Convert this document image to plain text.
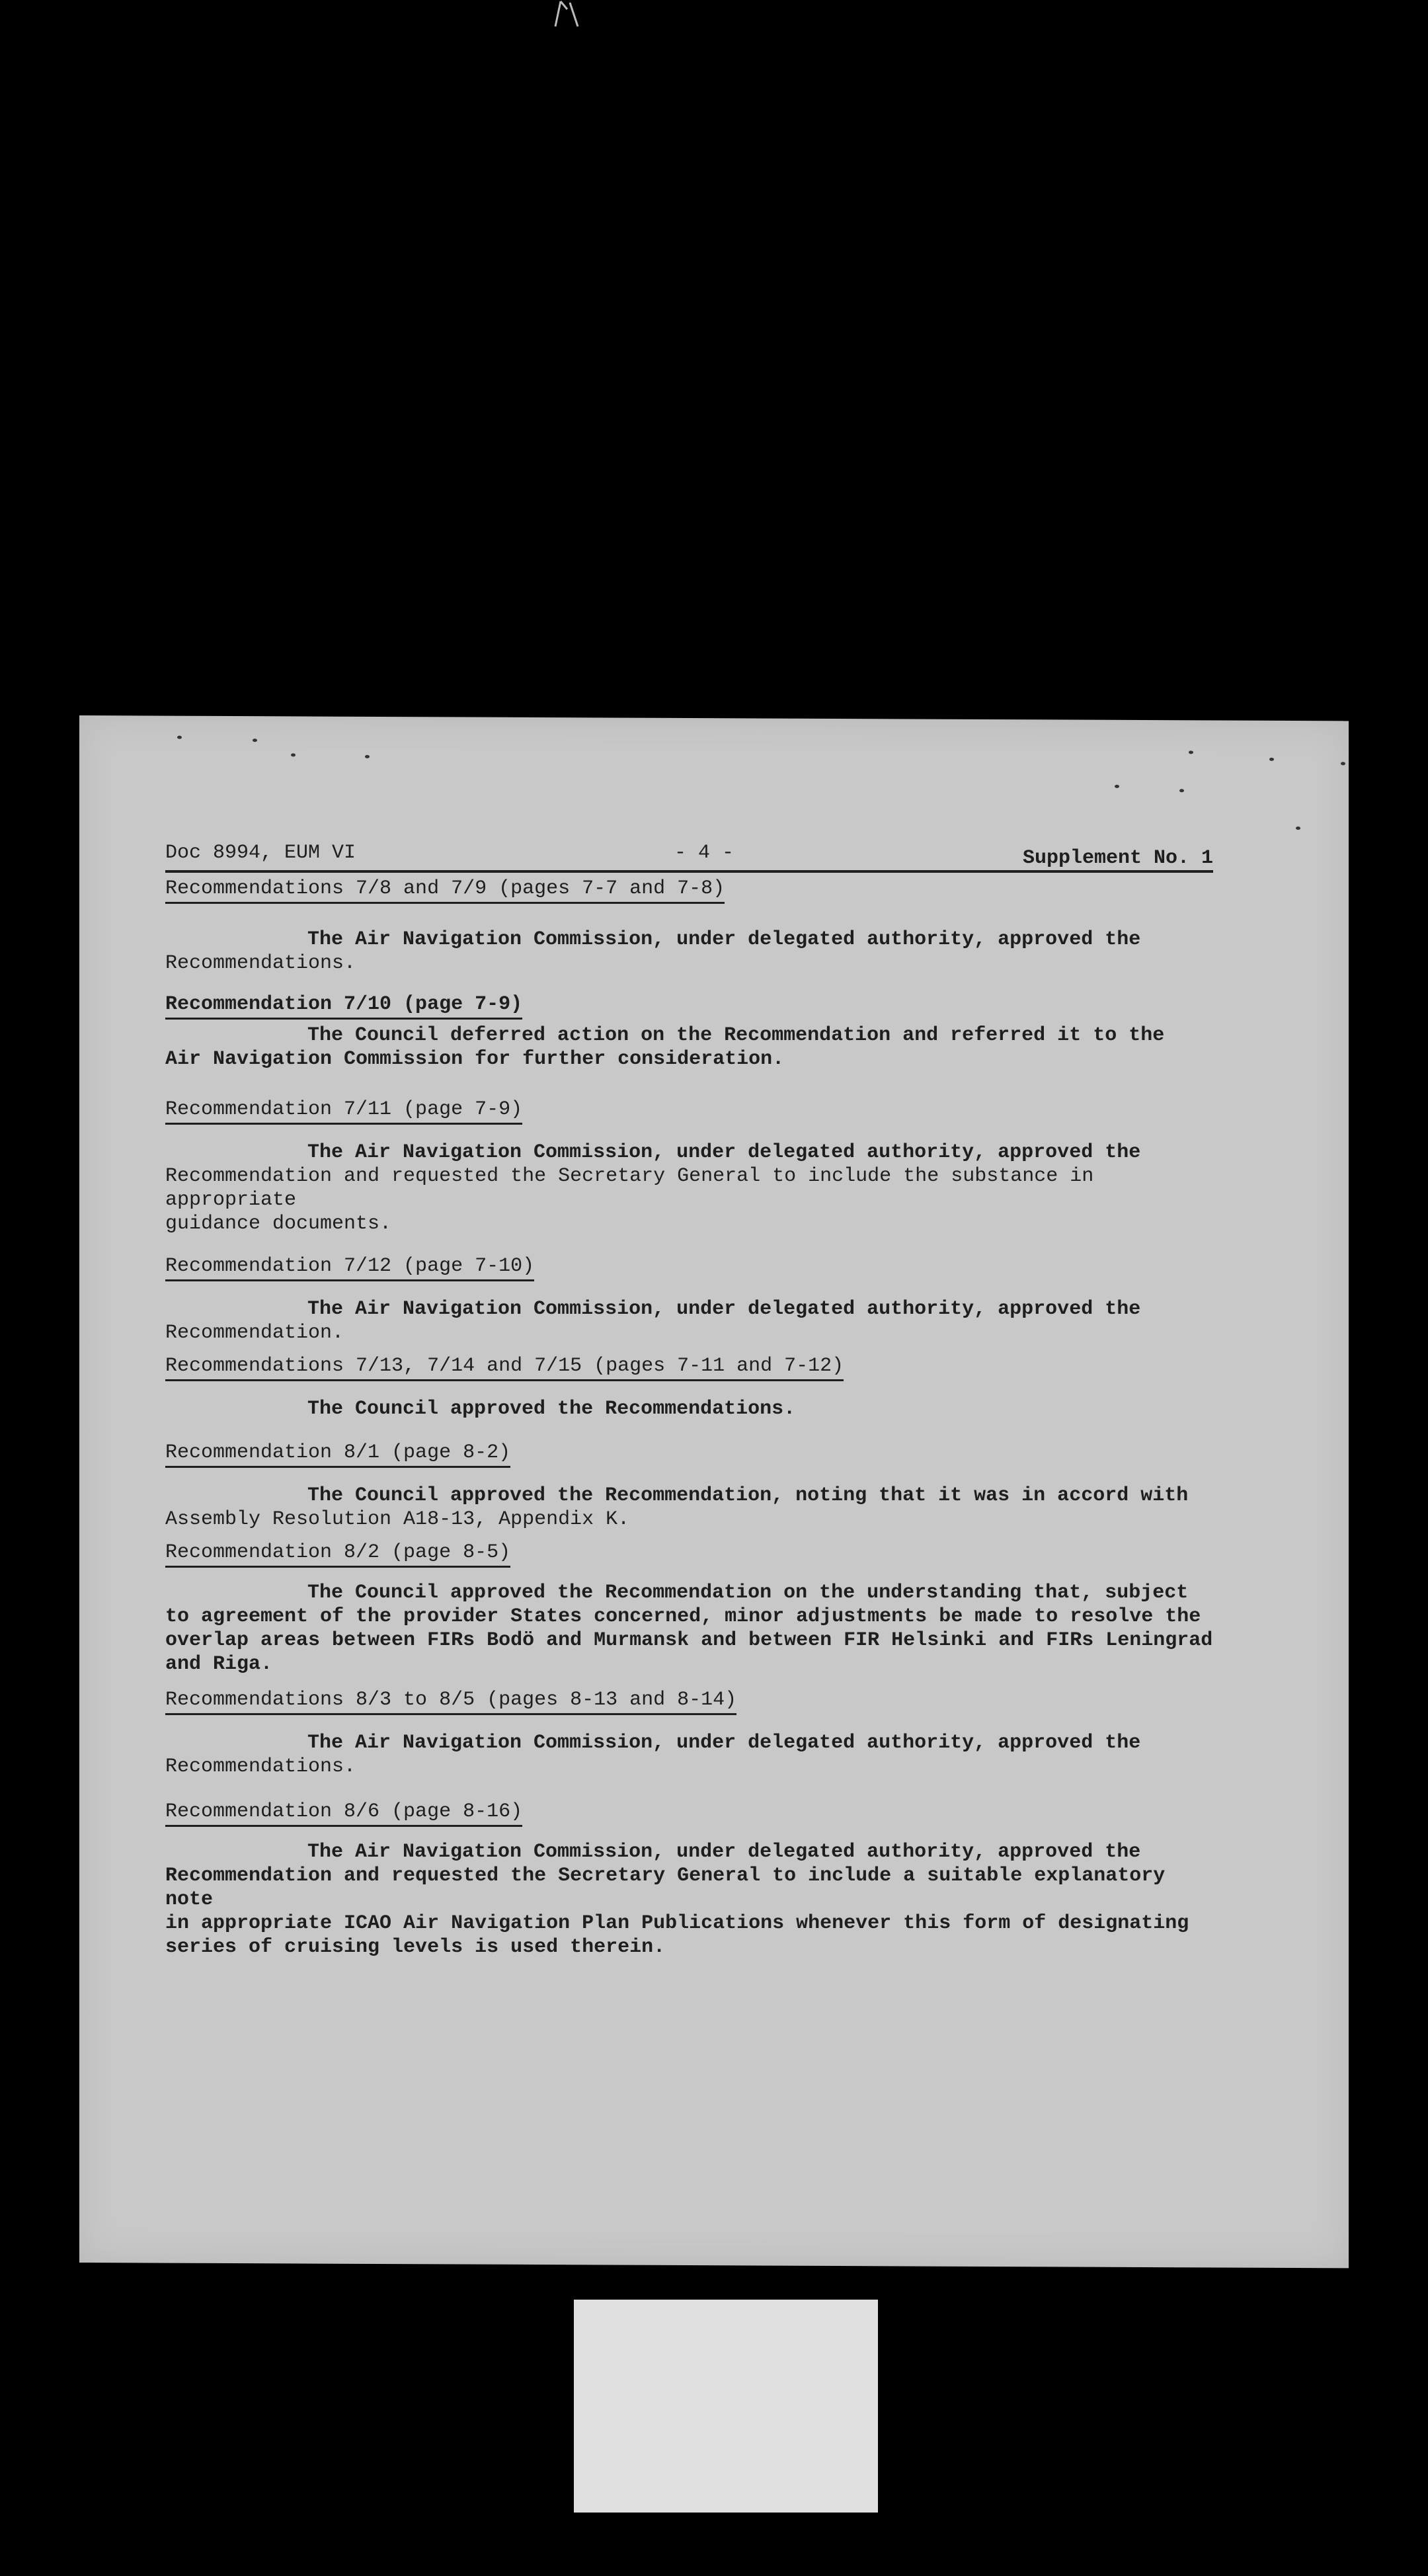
Doc 8994, EUM VI	- 4 -	Supplement No. 1
Recommendations 7/8 and 7/9 (pages 7-7 and 7-8)

The Air Navigation Commission, under delegated authority, approved the

Recommendations.

Recommendation 7/10 (page 7-9)

The Council deferred action on the Recommendation and referred it to the

Air Navigation Commission for further consideration.

Recommendation 7/11 (page 7-9)

The Air Navigation Commission, under delegated authority, approved the

Recommendation and requested the Secretary General to include the substance in appropriate

guidance documents.

Recommendation 7/12 (page 7-10)

The Air Navigation Commission, under delegated authority, approved the

Recommendation.

Recommendations 7/13, 7/14 and 7/15 (pages 7-11 and 7-12)

The Council approved the Recommendations.

Recommendation 8/1 (page 8-2)

The Council approved the Recommendation, noting that it was in accord with

Assembly Resolution A18-13, Appendix K.

Recommendation 8/2 (page 8-5)

The Council approved the Recommendation on the understanding that, subject

to agreement of the provider States concerned, minor adjustments be made to resolve the

overlap areas between FIRs Bodö and Murmansk and between FIR Helsinki and FIRs Leningrad

and Riga.

Recommendations 8/3 to 8/5 (pages 8-13 and 8-14)

The Air Navigation Commission, under delegated authority, approved the

Recommendations.

Recommendation 8/6 (page 8-16)

The Air Navigation Commission, under delegated authority, approved the

Recommendation and requested the Secretary General to include a suitable explanatory note

in appropriate ICAO Air Navigation Plan Publications whenever this form of designating

series of cruising levels is used therein.
